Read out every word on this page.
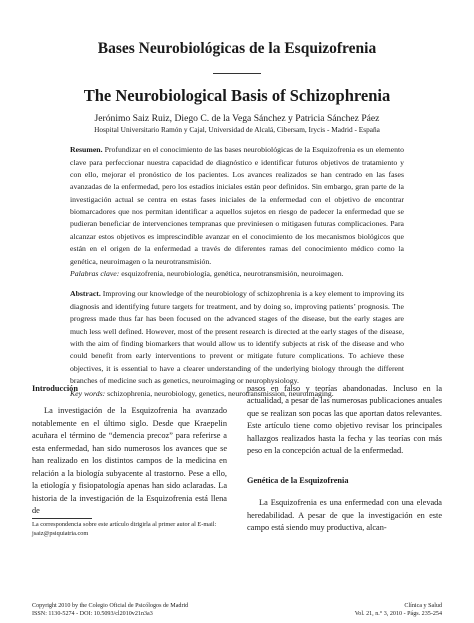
Bases Neurobiológicas de la Esquizofrenia
The Neurobiological Basis of Schizophrenia
Jerónimo Saiz Ruiz, Diego C. de la Vega Sánchez y Patricia Sánchez Páez
Hospital Universitario Ramón y Cajal, Universidad de Alcalá, Cibersam, Irycis - Madrid - España
Resumen. Profundizar en el conocimiento de las bases neurobiológicas de la Esquizofrenia es un elemento clave para perfeccionar nuestra capacidad de diagnóstico e identificar futuros objetivos de tratamiento y con ello, mejorar el pronóstico de los pacientes. Los avances realizados se han centrado en las fases avanzadas de la enfermedad, pero los estadíos iniciales están peor definidos. Sin embargo, gran parte de la investigación actual se centra en estas fases iniciales de la enfermedad con el objetivo de encontrar biomarcadores que nos permitan identificar a aquellos sujetos en riesgo de padecer la enfermedad que se pudieran beneficiar de intervenciones tempranas que previniesen o mitigasen futuras complicaciones. Para alcanzar estos objetivos es imprescindible avanzar en el conocimiento de los mecanismos biológicos que están en el origen de la enfermedad a través de diferentes ramas del conocimiento médico como la genética, neuroimagen o la neurotransmisión.
Palabras clave: esquizofrenia, neurobiología, genética, neurotransmisión, neuroimagen.
Abstract. Improving our knowledge of the neurobiology of schizophrenia is a key element to improving its diagnosis and identifying future targets for treatment, and by doing so, improving patients’ prognosis. The progress made thus far has been focused on the advanced stages of the disease, but the early stages are much less well defined. However, most of the present research is directed at the early stages of the disease, with the aim of finding biomarkers that would allow us to identify subjects at risk of the disease and who could benefit from early interventions to prevent or mitigate future complications. To achieve these objectives, it is essential to have a clearer understanding of the underlying biology through the different branches of medicine such as genetics, neuroimaging or neurophysiology.
Key words: schizophrenia, neurobiology, genetics, neurotransmission, neuroimaging.
Introducción

La investigación de la Esquizofrenia ha avanzado notablemente en el último siglo. Desde que Kraepelin acuñara el término de “demencia precoz” para referirse a esta enfermedad, han sido numerosos los avances que se han realizado en los distintos campos de la medicina en relación a la biología subyacente al trastorno. Pese a ello, la etiología y fisiopatología apenas han sido aclaradas. La historia de la investigación de la Esquizofrenia está llena de

pasos en falso y teorías abandonadas. Incluso en la actualidad, a pesar de las numerosas publicaciones anuales que se realizan son pocas las que aportan datos relevantes. Este artículo tiene como objetivo revisar los principales hallazgos realizados hasta la fecha y las teorías con más peso en la concepción actual de la enfermedad.

Genética de la Esquizofrenia

La Esquizofrenia es una enfermedad con una elevada heredabilidad. A pesar de que la investigación en este campo está siendo muy productiva, alcan-

La correspondencia sobre este artículo dirigirla al primer autor al E-mail: jsaiz@psiquiatria.com
Copyright 2010 by the Colegio Oficial de Psicólogos de Madrid
ISSN: 1130-5274 - DOI: 10.5093/cl2010v21n3a3
Clínica y Salud
Vol. 21, n.° 3, 2010 - Págs. 235-254
